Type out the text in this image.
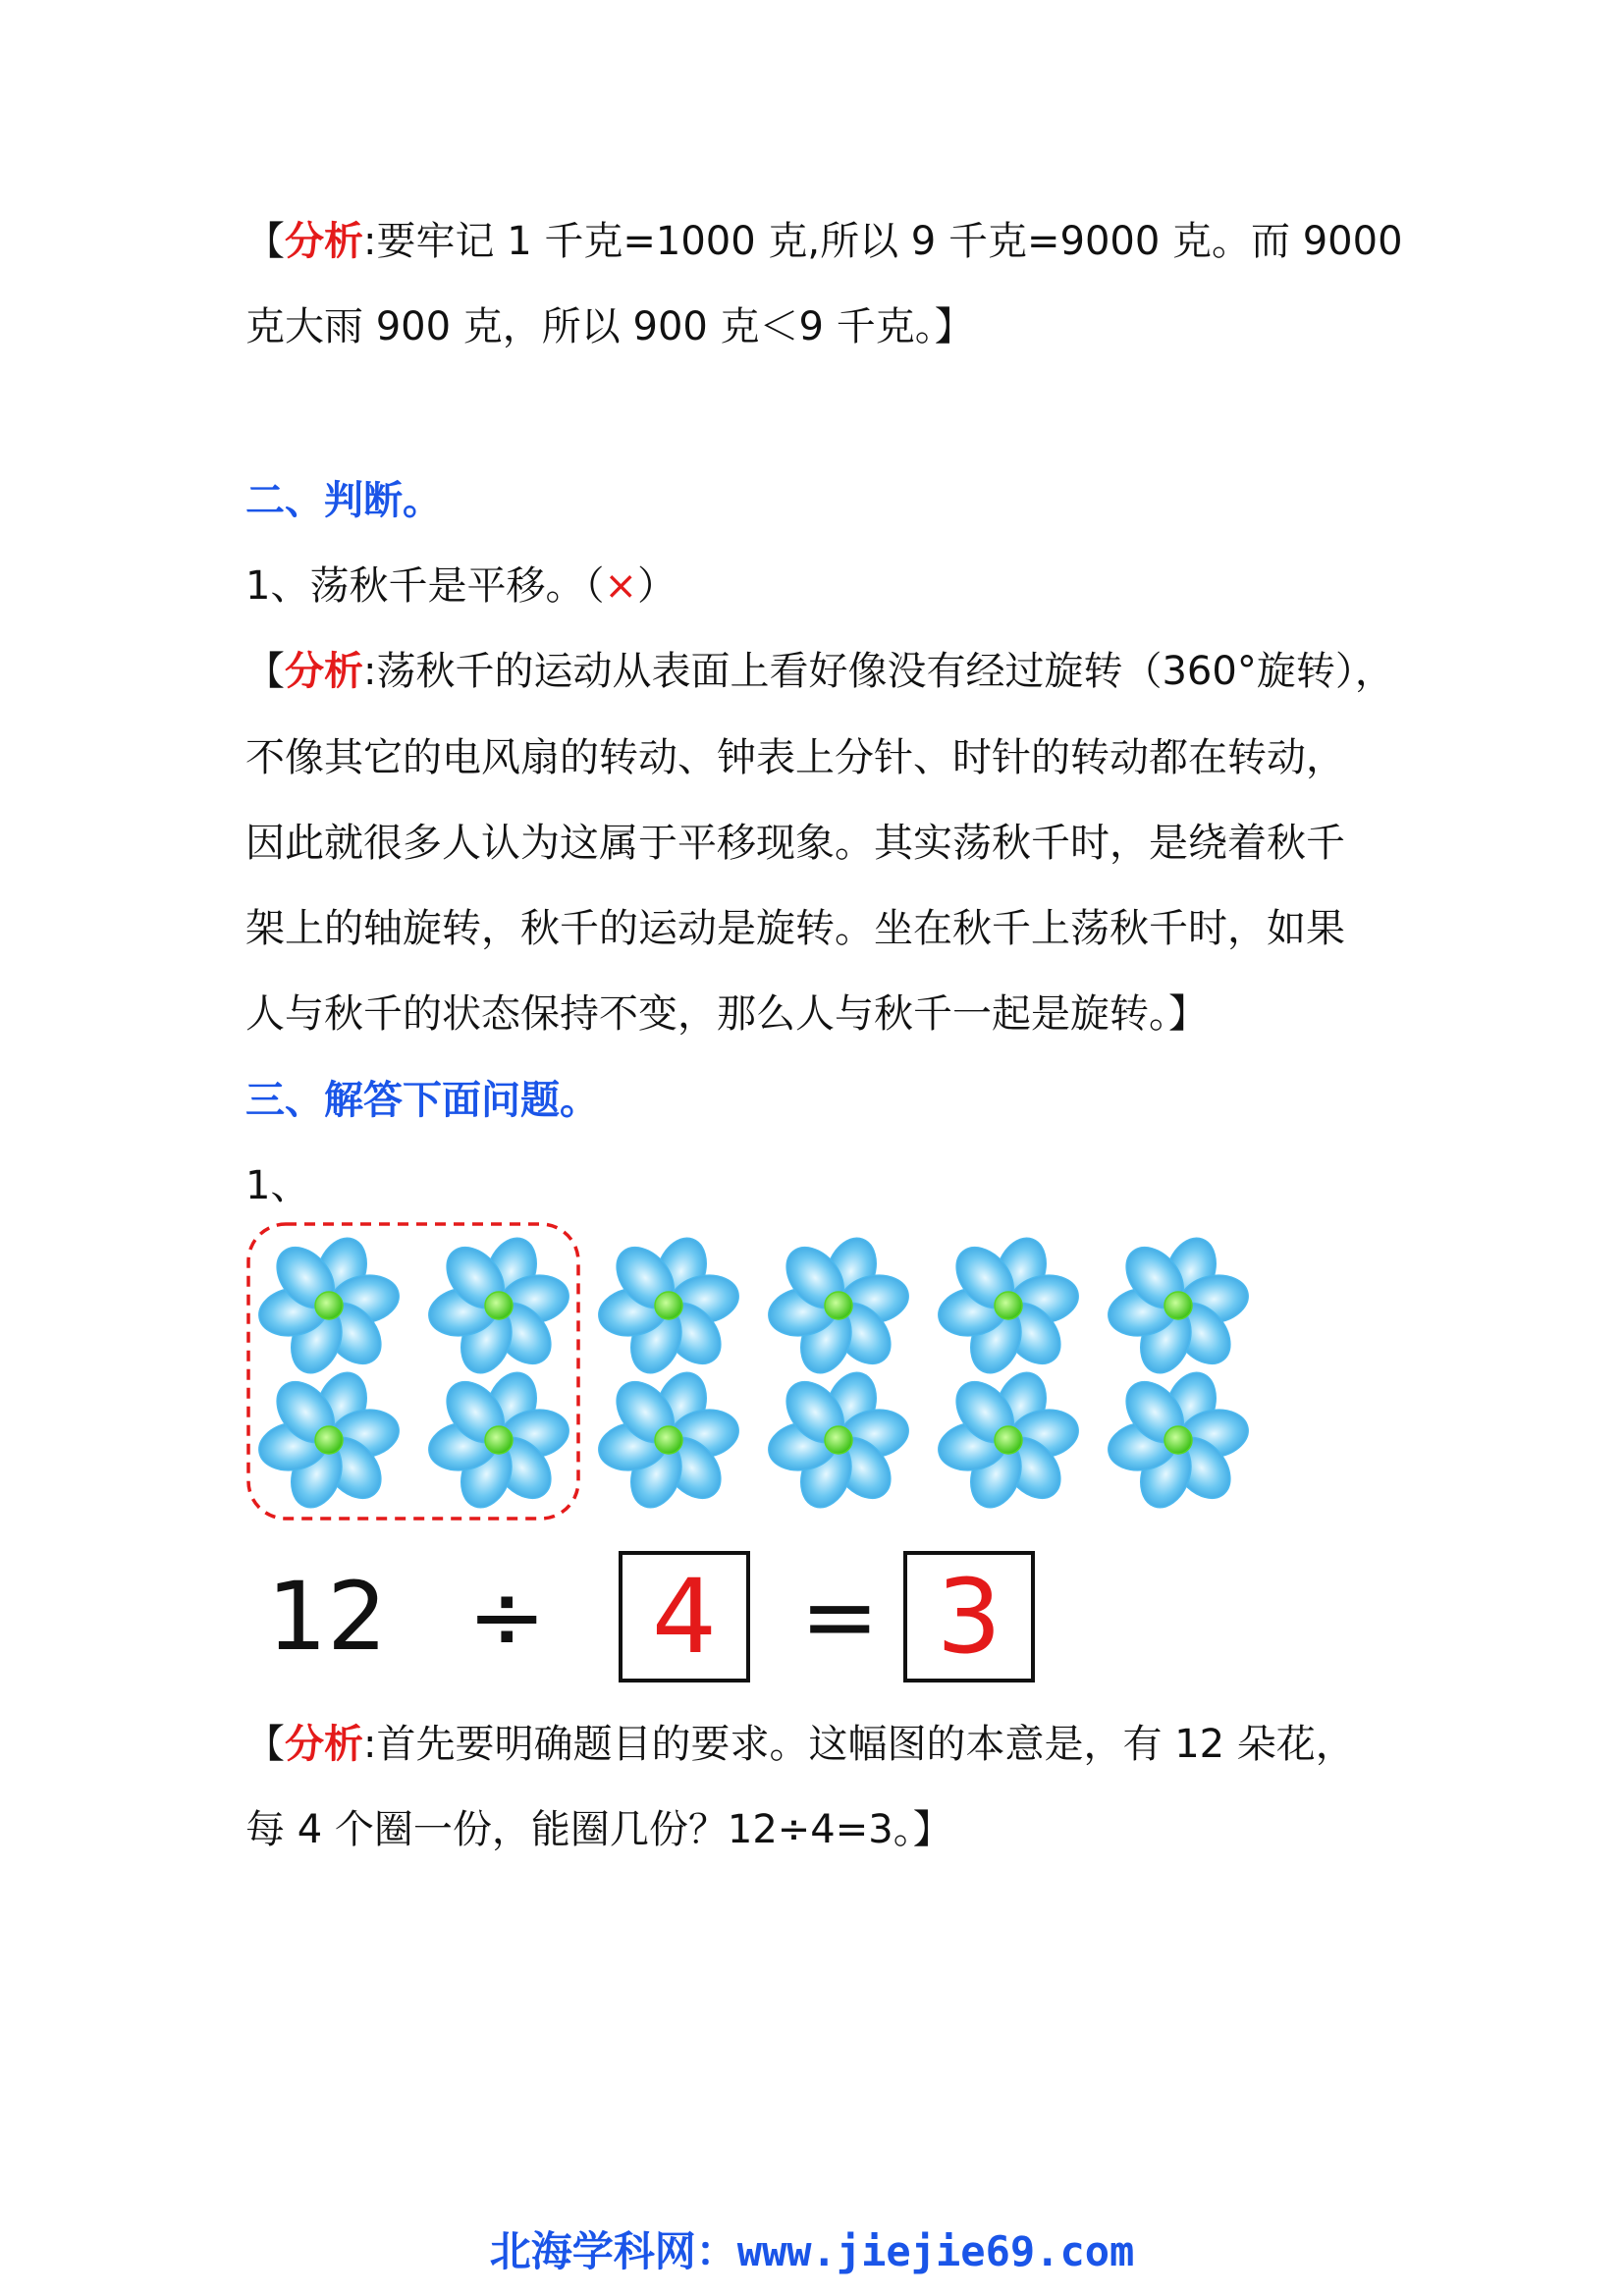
【分析:要牢记 1 千克=1000 克,所以 9 千克=9000 克。而 9000
克大雨 900 克，所以 900 克＜9 千克。】
二、判断。
1、荡秋千是平移。（×）
【分析:荡秋千的运动从表面上看好像没有经过旋转（360°旋转），
不像其它的电风扇的转动、钟表上分针、时针的转动都在转动，
因此就很多人认为这属于平移现象。其实荡秋千时，是绕着秋千
架上的轴旋转，秋千的运动是旋转。坐在秋千上荡秋千时，如果
人与秋千的状态保持不变，那么人与秋千一起是旋转。】
三、解答下面问题。
1、
12 ÷	4 = 3
【分析:首先要明确题目的要求。这幅图的本意是，有 12 朵花，
每 4 个圈一份，能圈几份？12÷4=3。】
北海学科网：www.jiejie69.com
